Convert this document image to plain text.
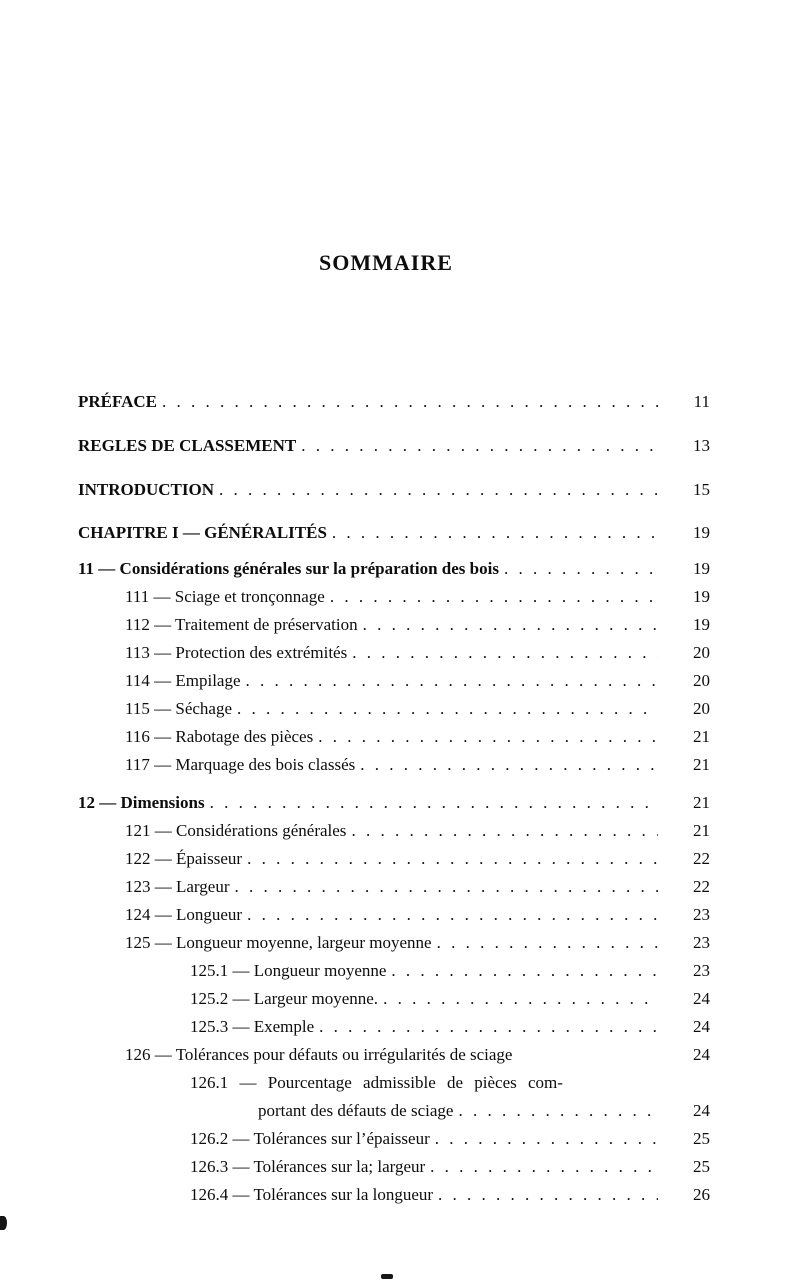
SOMMAIRE
PRÉFACE . . .	11
REGLES DE CLASSEMENT . . .	13
INTRODUCTION . . .	15
CHAPITRE I — GÉNÉRALITÉS . . .	19
11 — Considérations générales sur la préparation des bois . . .	19
111 — Sciage et tronçonnage . . .	19
112 — Traitement de préservation . . .	19
113 — Protection des extrémités . . .	20
114 — Empilage . . .	20
115 — Séchage . . .	20
116 — Rabotage des pièces . . .	21
117 — Marquage des bois classés . . .	21
12 — Dimensions . . .	21
121 — Considérations générales . . .	21
122 — Épaisseur . . .	22
123 — Largeur . . .	22
124 — Longueur . . .	23
125 — Longueur moyenne, largeur moyenne . . .	23
125.1 — Longueur moyenne . . .	23
125.2 — Largeur moyenne. . . .	24
125.3 — Exemple . . .	24
126 — Tolérances pour défauts ou irrégularités de sciage	24
126.1 — Pourcentage admissible de pièces com-
portant des défauts de sciage . . .	24
126.2 — Tolérances sur l’épaisseur . . .	25
126.3 — Tolérances sur la; largeur . . .	25
126.4 — Tolérances sur la longueur . . .	26
